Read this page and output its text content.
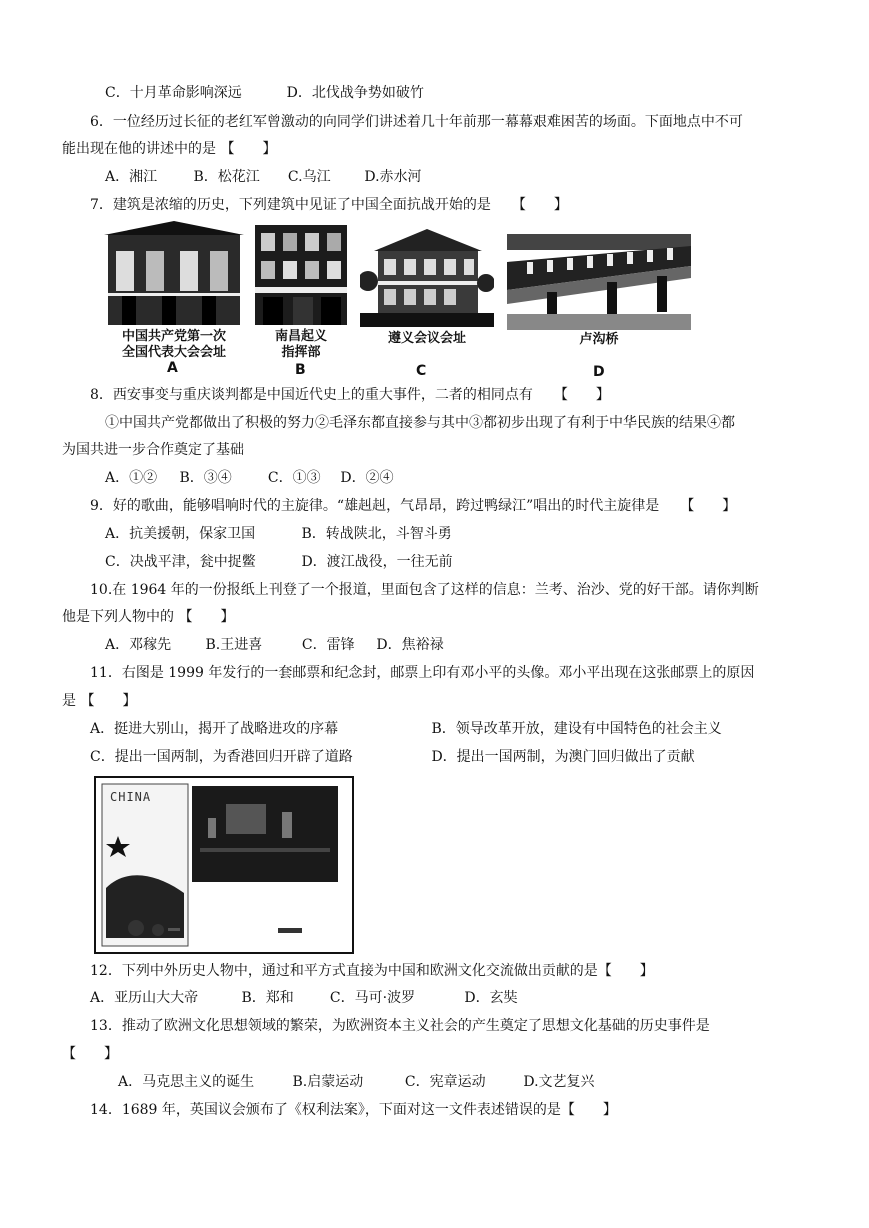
C．十月革命影响深远	D．北伐战争势如破竹
6．一位经历过长征的老红军曾激动的向同学们讲述着几十年前那一幕幕艰难困苦的场面。下面地点中不可
能出现在他的讲述中的是 【　　】
A．湘江	B．松花江 C.乌江 D.赤水河
7．建筑是浓缩的历史，下列建筑中见证了中国全面抗战开始的是　　【　　】
中国共产党第一次
全国代表大会会址
A
南昌起义
指挥部
B
遵义会议会址
C
卢沟桥
D
8．西安事变与重庆谈判都是中国近代史上的重大事件，二者的相同点有　　【　　】
①中国共产党都做出了积极的努力②毛泽东都直接参与其中③都初步出现了有利于中华民族的结果④都
为国共进一步合作奠定了基础
A．①② B．③④	C．①③ D．②④
9．好的歌曲，能够唱响时代的主旋律。“雄赳赳，气昂昂，跨过鸭绿江”唱出的时代主旋律是　　【　　】
A．抗美援朝，保家卫国	B．转战陕北，斗智斗勇
C．决战平津，瓮中捉鳖	D．渡江战役，一往无前
10.在 1964 年的一份报纸上刊登了一个报道，里面包含了这样的信息：兰考、治沙、党的好干部。请你判断
他是下列人物中的 【　　】
A．邓稼先 B.王进喜	C．雷锋 D．焦裕禄
11．右图是 1999 年发行的一套邮票和纪念封，邮票上印有邓小平的头像。邓小平出现在这张邮票上的原因
是 【　　】
A．挺进大别山，揭开了战略进攻的序幕	B．领导改革开放，建设有中国特色的社会主义
C．提出一国两制，为香港回归开辟了道路	D．提出一国两制，为澳门回归做出了贡献
CHINA
12．下列中外历史人物中，通过和平方式直接为中国和欧洲文化交流做出贡献的是【　　】
A．亚历山大大帝	B．郑和	C．马可·波罗	D．玄奘
13．推动了欧洲文化思想领域的繁荣，为欧洲资本主义社会的产生奠定了思想文化基础的历史事件是
【　　】
A．马克思主义的诞生	B.启蒙运动	C．宪章运动	D.文艺复兴
14．1689 年，英国议会颁布了《权利法案》，下面对这一文件表述错误的是【　　】
